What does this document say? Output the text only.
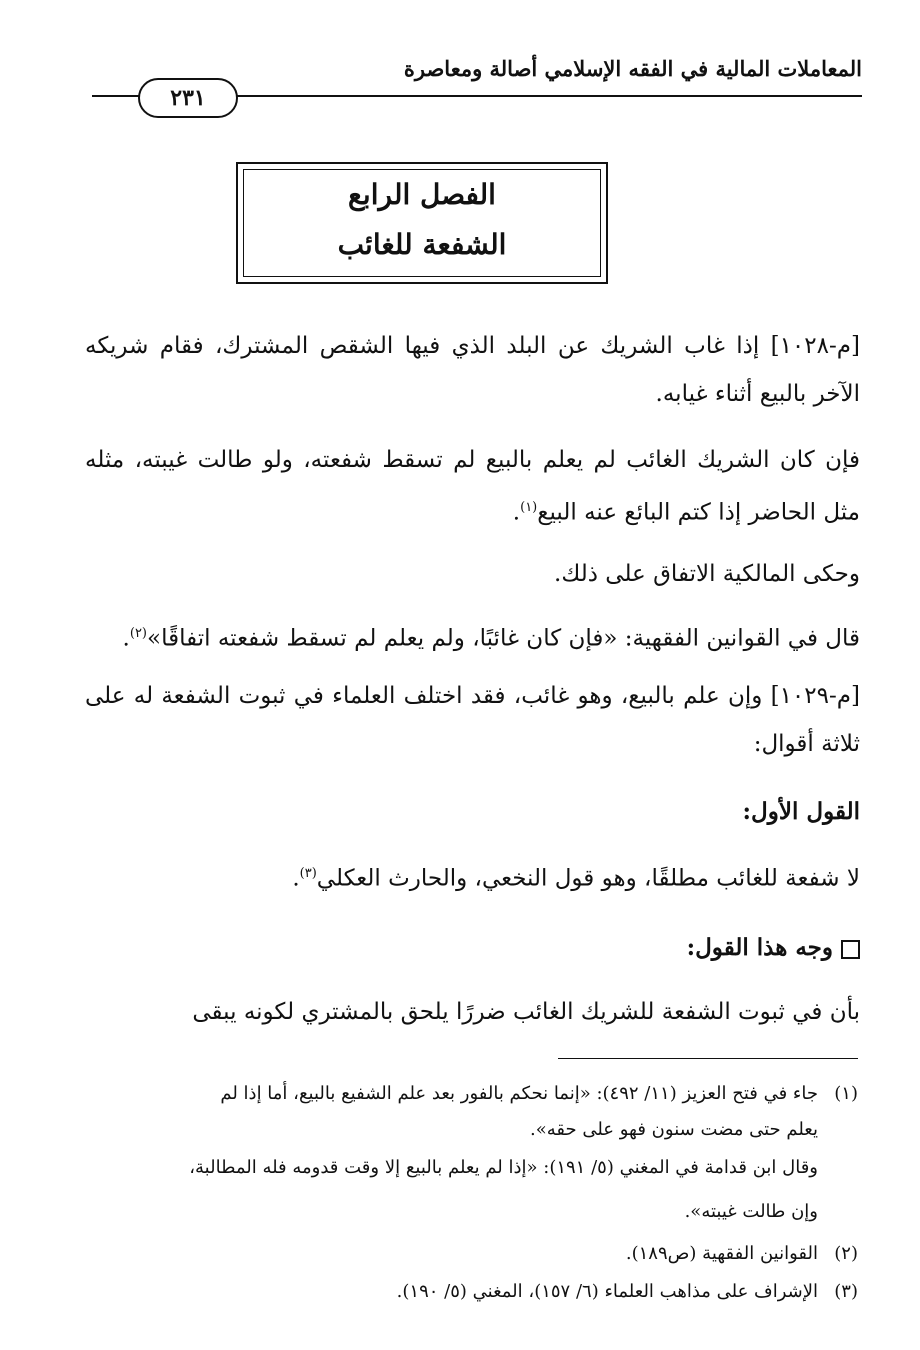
المعاملات المالية في الفقه الإسلامي أصالة ومعاصرة
٢٣١
الفصل الرابع
الشفعة للغائب

[م-١٠٢٨] إذا غاب الشريك عن البلد الذي فيها الشقص المشترك، فقام شريكه الآخر بالبيع أثناء غيابه.

فإن كان الشريك الغائب لم يعلم بالبيع لم تسقط شفعته، ولو طالت غيبته، مثله مثل الحاضر إذا كتم البائع عنه البيع$^{(١)}$.

وحكى المالكية الاتفاق على ذلك.

قال في القوانين الفقهية: «فإن كان غائبًا، ولم يعلم لم تسقط شفعته اتفاقًا»$^{(٢)}$.

[م-١٠٢٩] وإن علم بالبيع، وهو غائب، فقد اختلف العلماء في ثبوت الشفعة له على ثلاثة أقوال:

القول الأول:

لا شفعة للغائب مطلقًا، وهو قول النخعي، والحارث العكلي$^{(٣)}$.

وجه هذا القول:

بأن في ثبوت الشفعة للشريك الغائب ضررًا يلحق بالمشتري لكونه يبقى

(١)جاء في فتح العزيز (١١/ ٤٩٢): «إنما نحكم بالفور بعد علم الشفيع بالبيع، أما إذا لم

يعلم حتى مضت سنون فهو على حقه».

وقال ابن قدامة في المغني (٥/ ١٩١): «إذا لم يعلم بالبيع إلا وقت قدومه فله المطالبة،

وإن طالت غيبته».

(٢)القوانين الفقهية (ص١٨٩).

(٣)الإشراف على مذاهب العلماء (٦/ ١٥٧)، المغني (٥/ ١٩٠).
